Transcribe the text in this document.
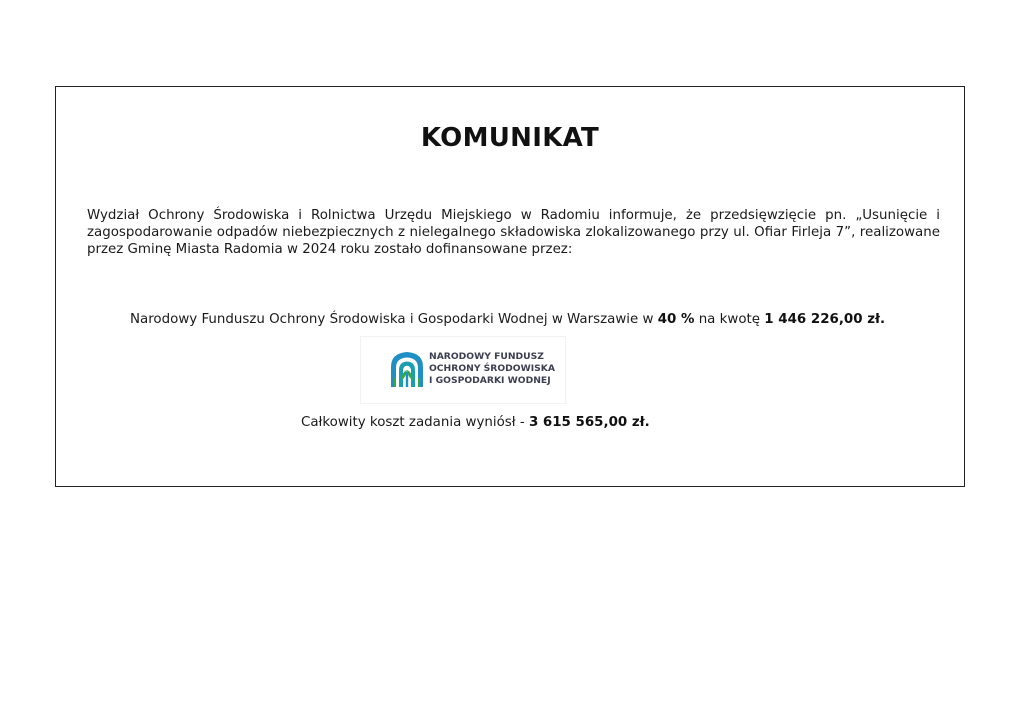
KOMUNIKAT
Wydział Ochrony Środowiska i Rolnictwa Urzędu Miejskiego w Radomiu informuje, że przedsięwzięcie pn. „Usunięcie i zagospodarowanie odpadów niebezpiecznych z nielegalnego składowiska zlokalizowanego przy ul. Ofiar Firleja 7”, realizowane przez Gminę Miasta Radomia w 2024 roku zostało dofinansowane przez:
Narodowy Funduszu Ochrony Środowiska i Gospodarki Wodnej w Warszawie w 40 % na kwotę 1 446 226,00 zł.
NARODOWY FUNDUSZ
OCHRONY ŚRODOWISKA
I GOSPODARKI WODNEJ
Całkowity koszt zadania wyniósł - 3 615 565,00 zł.
